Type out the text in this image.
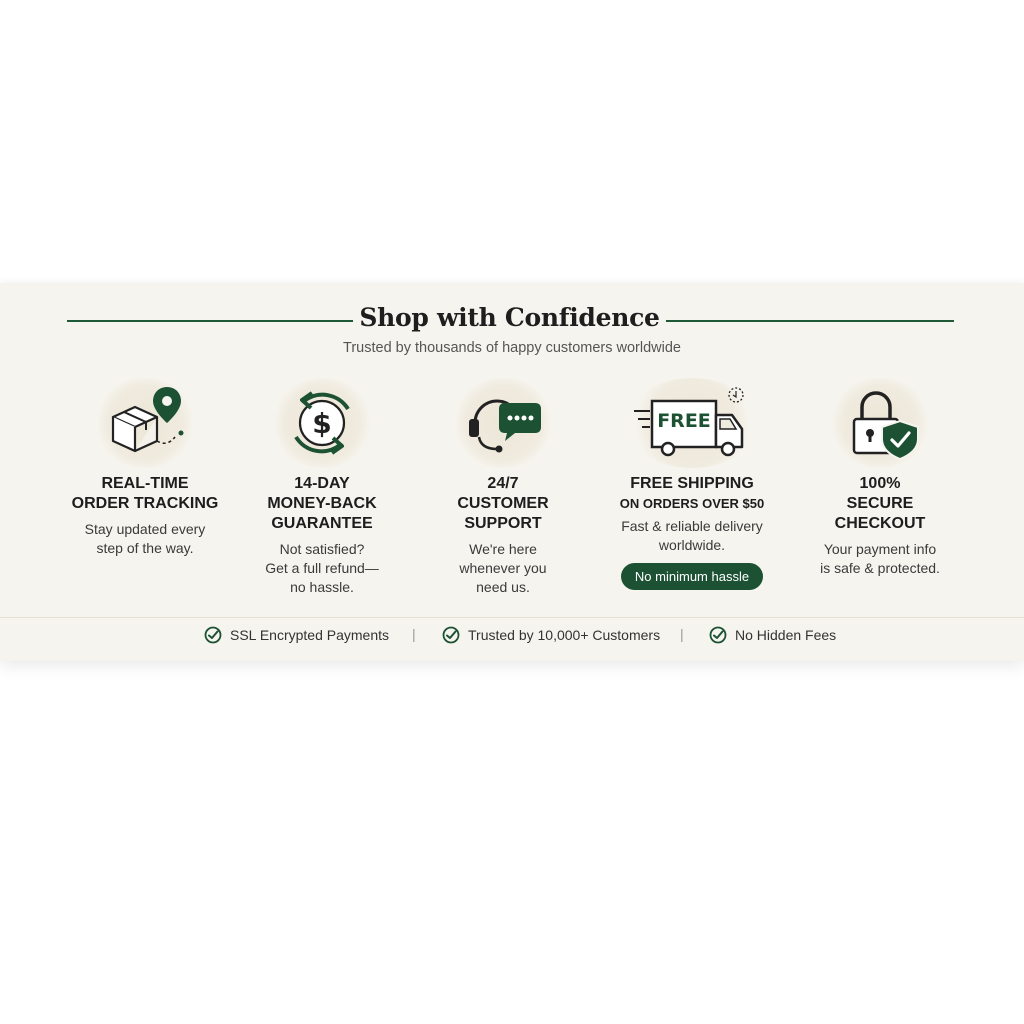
Shop with Confidence
Trusted by thousands of happy customers worldwide
REAL-TIME
ORDER TRACKING
Stay updated every
step of the way.
$
14-DAY
MONEY-BACK
GUARANTEE
Not satisfied?
Get a full refund—
no hassle.
24/7
CUSTOMER
SUPPORT
We're here
whenever you
need us.
FREE
FREE SHIPPING
ON ORDERS OVER $50
Fast & reliable delivery
worldwide.
No minimum hassle
100%
SECURE
CHECKOUT
Your payment info
is safe & protected.
SSL Encrypted Payments |	Trusted by 10,000+ Customers |	No Hidden Fees
